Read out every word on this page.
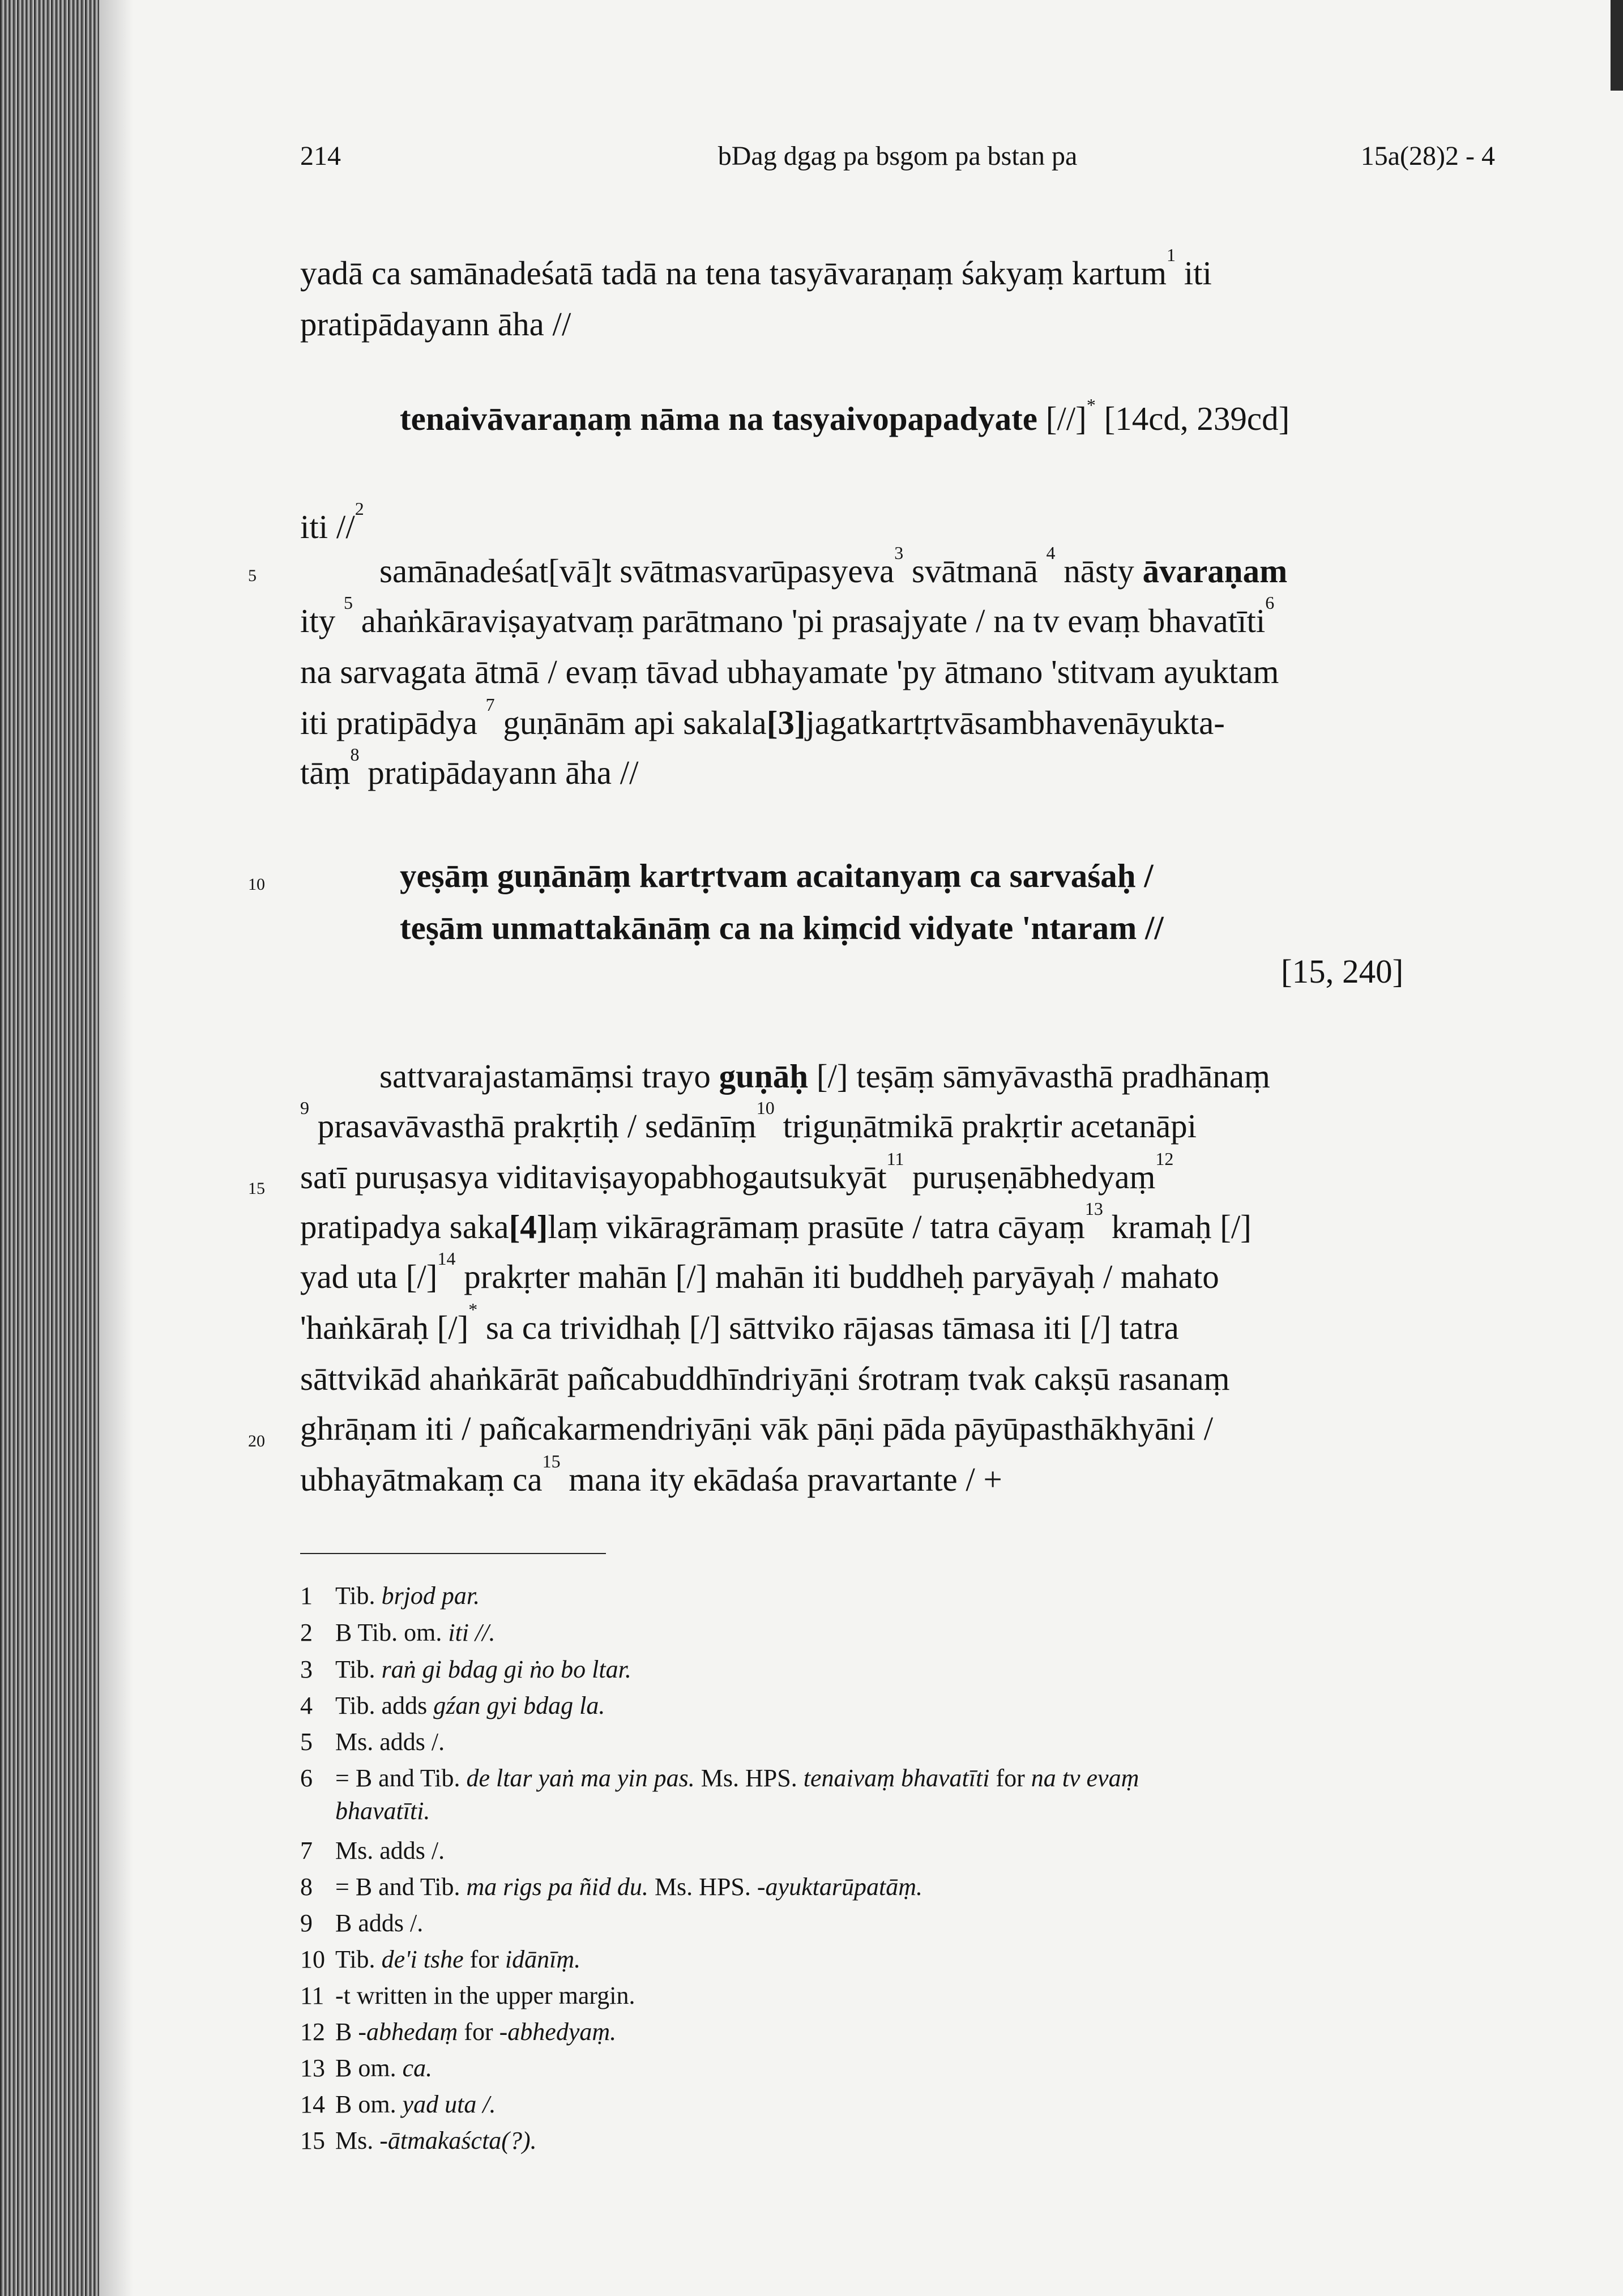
214	bDag dgag pa bsgom pa bstan pa	15a(28)2 - 4
yadā ca samānadeśatā tadā na tena tasyāvaraṇaṃ śakyaṃ kartum$^1$ iti
pratipādayann āha //
tenaivāvaraṇaṃ nāma na tasyaivopapadyate [//]* [14cd, 239cd]
iti //$^2$
5	samānadeśat[vā]t svātmasvarūpasyeva$^3$ svātmanā $^4$ nāsty āvaraṇam
ity $^5$ ahaṅkāraviṣayatvaṃ parātmano 'pi prasajyate / na tv evaṃ bhavatīti$^6$
na sarvagata ātmā / evaṃ tāvad ubhayamate 'py ātmano 'stitvam ayuktam
iti pratipādya $^7$ guṇānām api sakala[3]jagatkartṛtvāsambhavenāyukta-
tāṃ$^8$ pratipādayann āha //
10	yeṣāṃ guṇānāṃ kartṛtvam acaitanyaṃ ca sarvaśaḥ /
teṣām unmattakānāṃ ca na kiṃcid vidyate 'ntaram //
[15, 240]
sattvarajastamāṃsi trayo guṇāḥ [/] teṣāṃ sāmyāvasthā pradhānaṃ
$^9$ prasavāvasthā prakṛtiḥ / sedānīṃ$^{10}$ triguṇātmikā prakṛtir acetanāpi
15 satī puruṣasya viditaviṣayopabhogautsukyāt$^{11}$ puruṣeṇābhedyaṃ$^{12}$
pratipadya saka[4]laṃ vikāragrāmaṃ prasūte / tatra cāyaṃ$^{13}$ kramaḥ [/]
yad uta $[/]^{14}$ prakṛter mahān [/] mahān iti buddheḥ paryāyaḥ / mahato
'haṅkāraḥ [/]* sa ca trividhaḥ [/] sāttviko rājasas tāmasa iti [/] tatra
sāttvikād ahaṅkārāt pañcabuddhīndriyāṇi śrotraṃ tvak cakṣū rasanaṃ
20 ghrāṇam iti / pañcakarmendriyāṇi vāk pāṇi pāda pāyūpasthākhyāni /
ubhayātmakaṃ $ca^{15}$ mana ity ekādaśa pravartante / +
1 Tib. brjod par.
2 B Tib. om. iti //.
3 Tib. raṅ gi bdag gi ṅo bo ltar.
4 Tib. adds gźan gyi bdag la.
5 Ms. adds /.
6 = B and Tib. de ltar yaṅ ma yin pas. Ms. HPS. tenaivaṃ bhavatīti for na tv evaṃ
bhavatīti.
7 Ms. adds /.
8 = B and Tib. ma rigs pa ñid du. Ms. HPS. -ayuktarūpatāṃ.
9 B adds /.
10 Tib. de'i tshe for idānīṃ.
11 -t written in the upper margin.
12 B -abhedaṃ for -abhedyaṃ.
13 B om. ca.
14 B om. yad uta /.
15 Ms. -ātmakaścta(?).
